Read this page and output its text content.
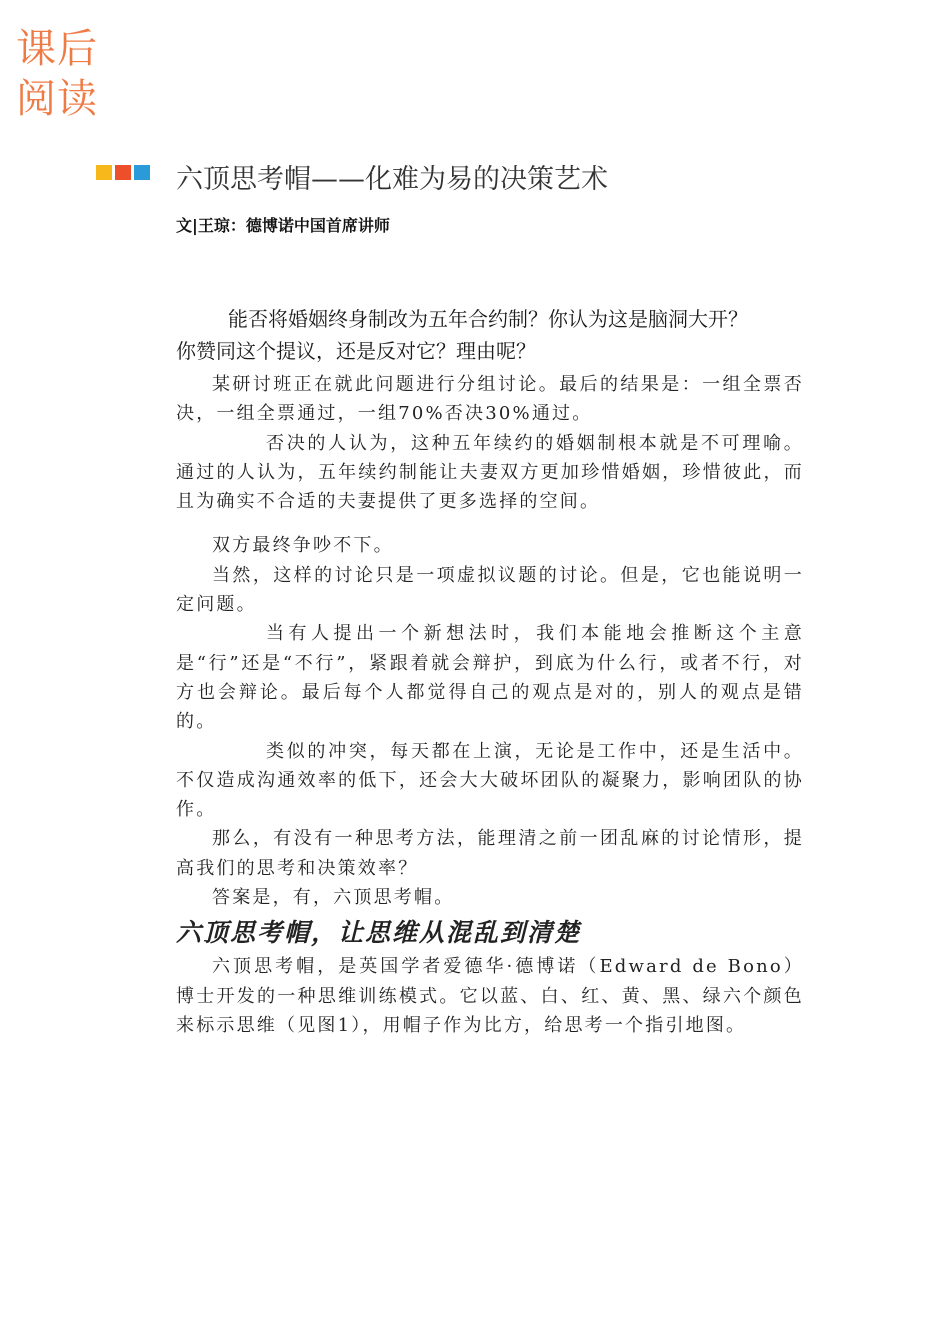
课后
阅读
六顶思考帽——化难为易的决策艺术
文|王琼：德博诺中国首席讲师
能否将婚姻终身制改为五年合约制？你认为这是脑洞大开？
你赞同这个提议，还是反对它？理由呢？

某研讨班正在就此问题进行分组讨论。最后的结果是：一组全票否决，一组全票通过，一组70%否决30%通过。

否决的人认为，这种五年续约的婚姻制根本就是不可理喻。通过的人认为，五年续约制能让夫妻双方更加珍惜婚姻，珍惜彼此，而且为确实不合适的夫妻提供了更多选择的空间。

双方最终争吵不下。

当然，这样的讨论只是一项虚拟议题的讨论。但是，它也能说明一定问题。

当有人提出一个新想法时，我们本能地会推断这个主意是“行”还是“不行”，紧跟着就会辩护，到底为什么行，或者不行，对方也会辩论。最后每个人都觉得自己的观点是对的，别人的观点是错的。

类似的冲突，每天都在上演，无论是工作中，还是生活中。不仅造成沟通效率的低下，还会大大破坏团队的凝聚力，影响团队的协作。

那么，有没有一种思考方法，能理清之前一团乱麻的讨论情形，提高我们的思考和决策效率？

答案是，有，六顶思考帽。

六顶思考帽，让思维从混乱到清楚

六顶思考帽，是英国学者爱德华·德博诺（Edward de Bono）博士开发的一种思维训练模式。它以蓝、白、红、黄、黑、绿六个颜色来标示思维（见图1），用帽子作为比方，给思考一个指引地图。
